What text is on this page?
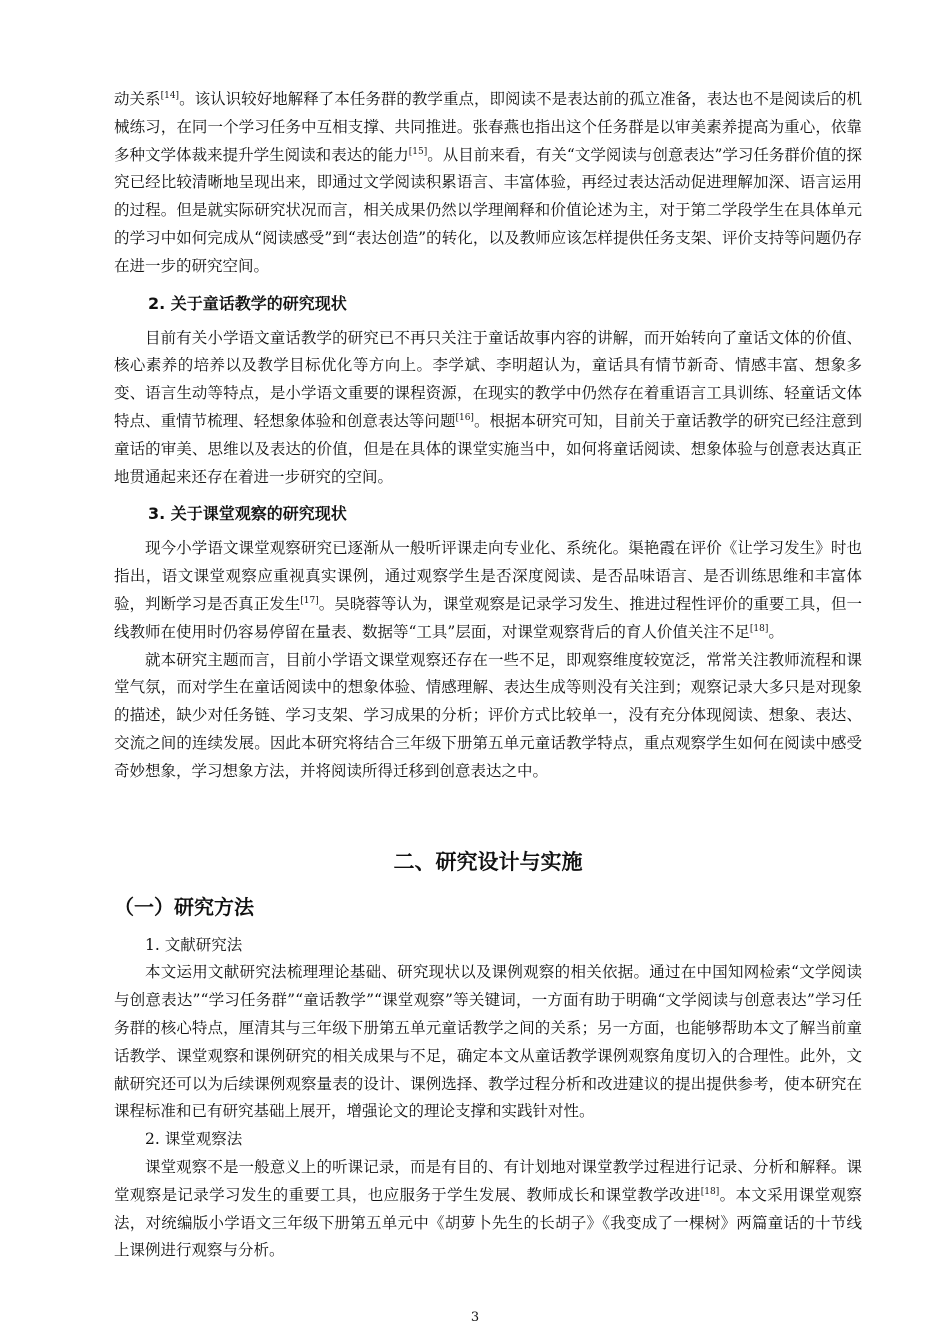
动关系[14]。该认识较好地解释了本任务群的教学重点，即阅读不是表达前的孤立准备，表达也不是阅读后的机械练习，在同一个学习任务中互相支撑、共同推进。张春燕也指出这个任务群是以审美素养提高为重心，依靠多种文学体裁来提升学生阅读和表达的能力[15]。从目前来看，有关“文学阅读与创意表达”学习任务群价值的探究已经比较清晰地呈现出来，即通过文学阅读积累语言、丰富体验，再经过表达活动促进理解加深、语言运用的过程。但是就实际研究状况而言，相关成果仍然以学理阐释和价值论述为主，对于第二学段学生在具体单元的学习中如何完成从“阅读感受”到“表达创造”的转化，以及教师应该怎样提供任务支架、评价支持等问题仍存在进一步的研究空间。

2. 关于童话教学的研究现状

目前有关小学语文童话教学的研究已不再只关注于童话故事内容的讲解，而开始转向了童话文体的价值、核心素养的培养以及教学目标优化等方向上。李学斌、李明超认为，童话具有情节新奇、情感丰富、想象多变、语言生动等特点，是小学语文重要的课程资源，在现实的教学中仍然存在着重语言工具训练、轻童话文体特点、重情节梳理、轻想象体验和创意表达等问题[16]。根据本研究可知，目前关于童话教学的研究已经注意到童话的审美、思维以及表达的价值，但是在具体的课堂实施当中，如何将童话阅读、想象体验与创意表达真正地贯通起来还存在着进一步研究的空间。

3. 关于课堂观察的研究现状

现今小学语文课堂观察研究已逐渐从一般听评课走向专业化、系统化。渠艳霞在评价《让学习发生》时也指出，语文课堂观察应重视真实课例，通过观察学生是否深度阅读、是否品味语言、是否训练思维和丰富体验，判断学习是否真正发生[17]。吴晓蓉等认为，课堂观察是记录学习发生、推进过程性评价的重要工具，但一线教师在使用时仍容易停留在量表、数据等“工具”层面，对课堂观察背后的育人价值关注不足[18]。

就本研究主题而言，目前小学语文课堂观察还存在一些不足，即观察维度较宽泛，常常关注教师流程和课堂气氛，而对学生在童话阅读中的想象体验、情感理解、表达生成等则没有关注到；观察记录大多只是对现象的描述，缺少对任务链、学习支架、学习成果的分析；评价方式比较单一，没有充分体现阅读、想象、表达、交流之间的连续发展。因此本研究将结合三年级下册第五单元童话教学特点，重点观察学生如何在阅读中感受奇妙想象，学习想象方法，并将阅读所得迁移到创意表达之中。

二、研究设计与实施
（一）研究方法

1. 文献研究法

本文运用文献研究法梳理理论基础、研究现状以及课例观察的相关依据。通过在中国知网检索“文学阅读与创意表达”“学习任务群”“童话教学”“课堂观察”等关键词，一方面有助于明确“文学阅读与创意表达”学习任务群的核心特点，厘清其与三年级下册第五单元童话教学之间的关系；另一方面，也能够帮助本文了解当前童话教学、课堂观察和课例研究的相关成果与不足，确定本文从童话教学课例观察角度切入的合理性。此外，文献研究还可以为后续课例观察量表的设计、课例选择、教学过程分析和改进建议的提出提供参考，使本研究在课程标准和已有研究基础上展开，增强论文的理论支撑和实践针对性。

2. 课堂观察法

课堂观察不是一般意义上的听课记录，而是有目的、有计划地对课堂教学过程进行记录、分析和解释。课堂观察是记录学习发生的重要工具，也应服务于学生发展、教师成长和课堂教学改进[18]。本文采用课堂观察法，对统编版小学语文三年级下册第五单元中《胡萝卜先生的长胡子》《我变成了一棵树》两篇童话的十节线上课例进行观察与分析。

3
